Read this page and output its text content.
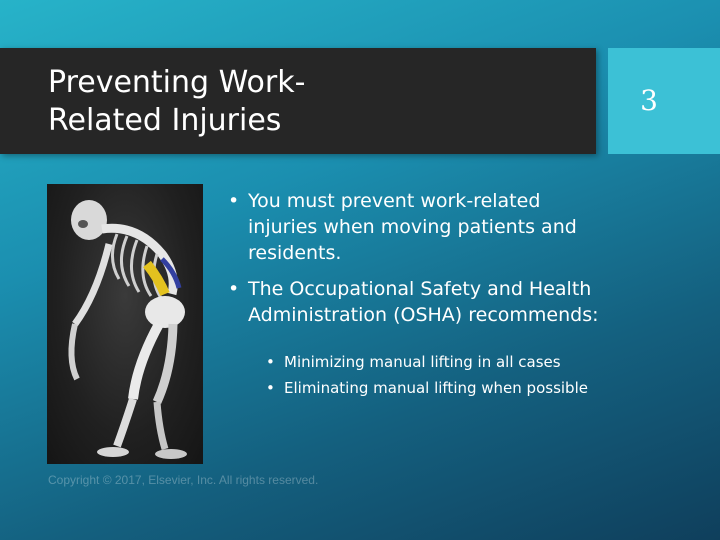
Preventing Work-
Related Injuries
3
• You must prevent work-related injuries when moving patients and residents.
• The Occupational Safety and Health Administration (OSHA) recommends:
• Minimizing manual lifting in all cases
• Eliminating manual lifting when possible
Copyright © 2017, Elsevier, Inc. All rights reserved.
